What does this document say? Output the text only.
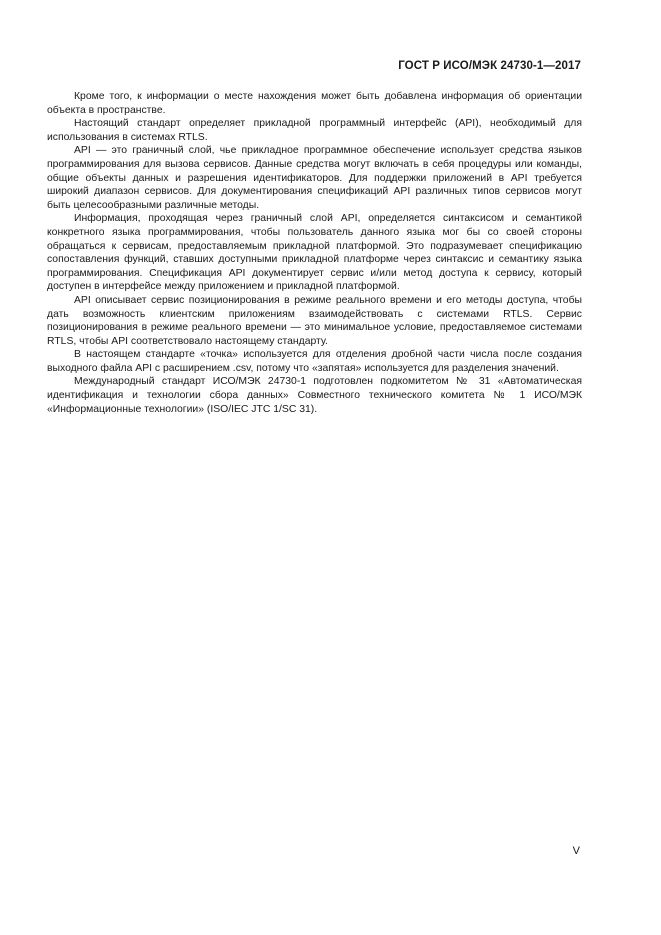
ГОСТ Р ИСО/МЭК 24730-1—2017

Кроме того, к информации о месте нахождения может быть добавлена информация об ориентации объекта в пространстве.

Настоящий стандарт определяет прикладной программный интерфейс (API), необходимый для использования в системах RTLS.

API — это граничный слой, чье прикладное программное обеспечение использует средства языков программирования для вызова сервисов. Данные средства могут включать в себя процедуры или команды, общие объекты данных и разрешения идентификаторов. Для поддержки приложений в API требуется широкий диапазон сервисов. Для документирования спецификаций API различных типов сервисов могут быть целесообразными различные методы.

Информация, проходящая через граничный слой API, определяется синтаксисом и семантикой конкретного языка программирования, чтобы пользователь данного языка мог бы со своей стороны обращаться к сервисам, предоставляемым прикладной платформой. Это подразумевает спецификацию сопоставления функций, ставших доступными прикладной платформе через синтаксис и семантику языка программирования. Спецификация API документирует сервис и/или метод доступа к сервису, который доступен в интерфейсе между приложением и прикладной платформой.

API описывает сервис позиционирования в режиме реального времени и его методы доступа, чтобы дать возможность клиентским приложениям взаимодействовать с системами RTLS. Сервис позиционирования в режиме реального времени — это минимальное условие, предоставляемое системами RTLS, чтобы API соответствовало настоящему стандарту.

В настоящем стандарте «точка» используется для отделения дробной части числа после создания выходного файла API с расширением .csv, потому что «запятая» используется для разделения значений.

Международный стандарт ИСО/МЭК 24730-1 подготовлен подкомитетом № 31 «Автоматическая идентификация и технологии сбора данных» Совместного технического комитета № 1 ИСО/МЭК «Информационные технологии» (ISO/IEC JTC 1/SC 31).

V
